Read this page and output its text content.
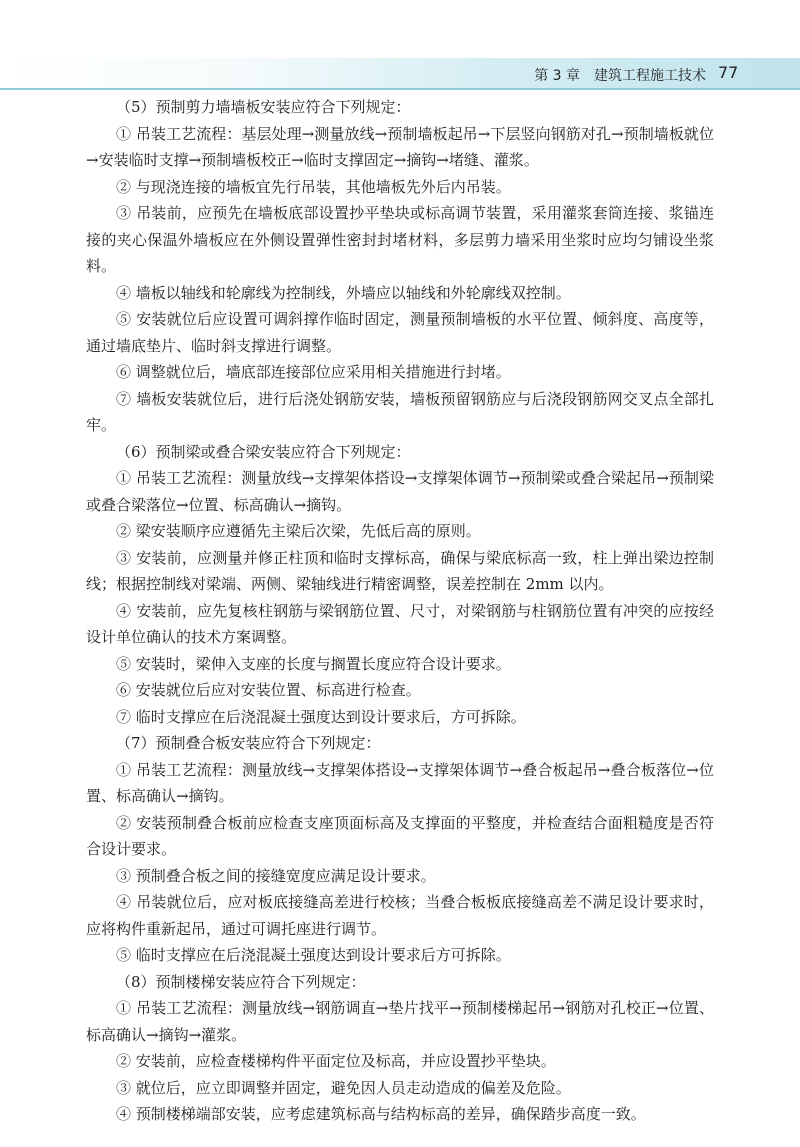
第 3 章　建筑工程施工技术 77

（5）预制剪力墙墙板安装应符合下列规定：

① 吊装工艺流程：基层处理→测量放线→预制墙板起吊→下层竖向钢筋对孔→预制墙板就位→安装临时支撑→预制墙板校正→临时支撑固定→摘钩→堵缝、灌浆。

② 与现浇连接的墙板宜先行吊装，其他墙板先外后内吊装。

③ 吊装前，应预先在墙板底部设置抄平垫块或标高调节装置，采用灌浆套筒连接、浆锚连接的夹心保温外墙板应在外侧设置弹性密封封堵材料，多层剪力墙采用坐浆时应均匀铺设坐浆料。

④ 墙板以轴线和轮廓线为控制线，外墙应以轴线和外轮廓线双控制。

⑤ 安装就位后应设置可调斜撑作临时固定，测量预制墙板的水平位置、倾斜度、高度等，通过墙底垫片、临时斜支撑进行调整。

⑥ 调整就位后，墙底部连接部位应采用相关措施进行封堵。

⑦ 墙板安装就位后，进行后浇处钢筋安装，墙板预留钢筋应与后浇段钢筋网交叉点全部扎牢。

（6）预制梁或叠合梁安装应符合下列规定：

① 吊装工艺流程：测量放线→支撑架体搭设→支撑架体调节→预制梁或叠合梁起吊→预制梁或叠合梁落位→位置、标高确认→摘钩。

② 梁安装顺序应遵循先主梁后次梁，先低后高的原则。

③ 安装前，应测量并修正柱顶和临时支撑标高，确保与梁底标高一致，柱上弹出梁边控制线；根据控制线对梁端、两侧、梁轴线进行精密调整，误差控制在 2mm 以内。

④ 安装前，应先复核柱钢筋与梁钢筋位置、尺寸，对梁钢筋与柱钢筋位置有冲突的应按经设计单位确认的技术方案调整。

⑤ 安装时，梁伸入支座的长度与搁置长度应符合设计要求。

⑥ 安装就位后应对安装位置、标高进行检查。

⑦ 临时支撑应在后浇混凝土强度达到设计要求后，方可拆除。

（7）预制叠合板安装应符合下列规定：

① 吊装工艺流程：测量放线→支撑架体搭设→支撑架体调节→叠合板起吊→叠合板落位→位置、标高确认→摘钩。

② 安装预制叠合板前应检查支座顶面标高及支撑面的平整度，并检查结合面粗糙度是否符合设计要求。

③ 预制叠合板之间的接缝宽度应满足设计要求。

④ 吊装就位后，应对板底接缝高差进行校核；当叠合板板底接缝高差不满足设计要求时，应将构件重新起吊，通过可调托座进行调节。

⑤ 临时支撑应在后浇混凝土强度达到设计要求后方可拆除。

（8）预制楼梯安装应符合下列规定：

① 吊装工艺流程：测量放线→钢筋调直→垫片找平→预制楼梯起吊→钢筋对孔校正→位置、标高确认→摘钩→灌浆。

② 安装前，应检查楼梯构件平面定位及标高，并应设置抄平垫块。

③ 就位后，应立即调整并固定，避免因人员走动造成的偏差及危险。

④ 预制楼梯端部安装，应考虑建筑标高与结构标高的差异，确保踏步高度一致。
